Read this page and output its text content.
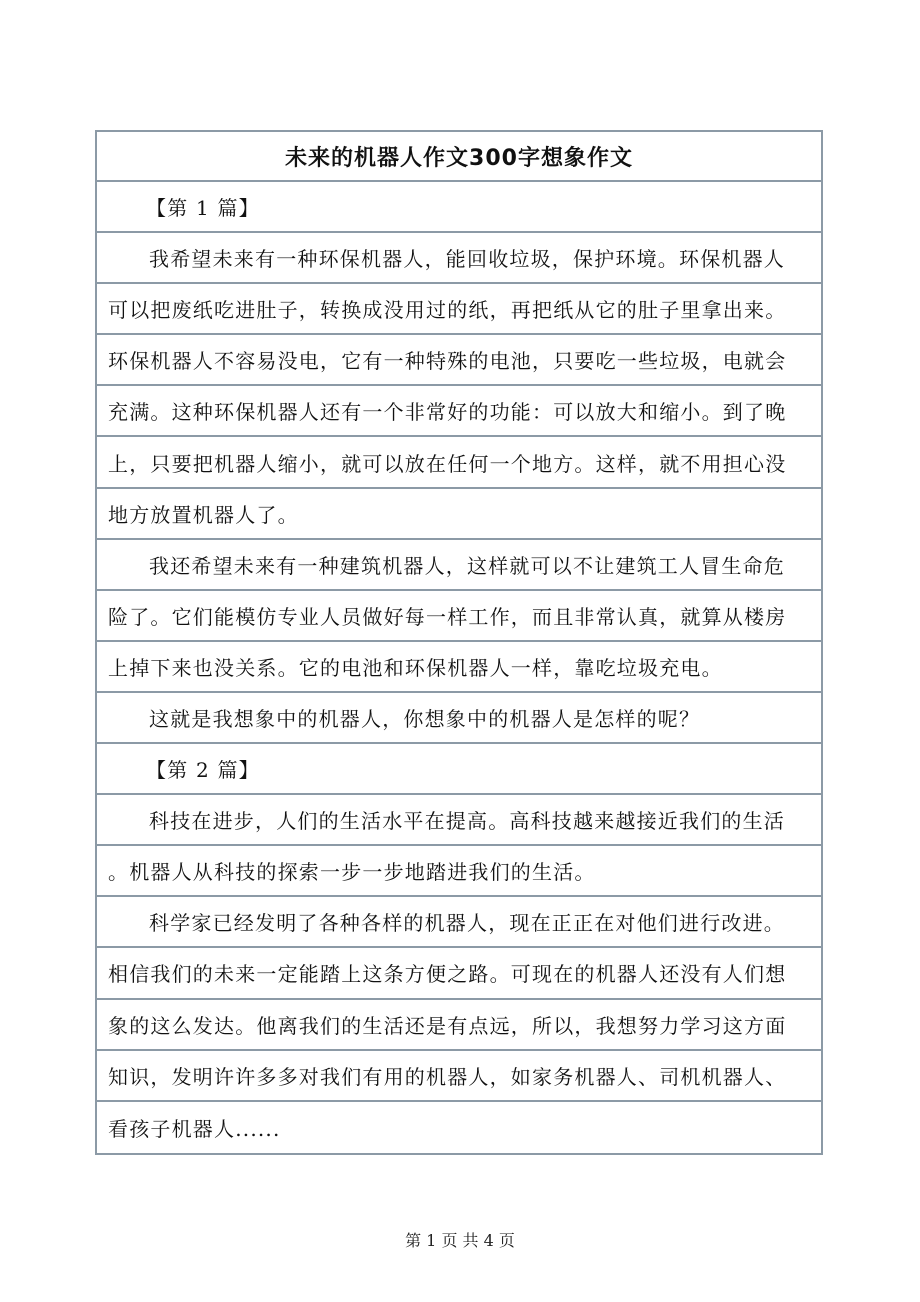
未来的机器人作文300字想象作文
【第 1 篇】
我希望未来有一种环保机器人，能回收垃圾，保护环境。环保机器人
可以把废纸吃进肚子，转换成没用过的纸，再把纸从它的肚子里拿出来。
环保机器人不容易没电，它有一种特殊的电池，只要吃一些垃圾，电就会
充满。这种环保机器人还有一个非常好的功能：可以放大和缩小。到了晚
上，只要把机器人缩小，就可以放在任何一个地方。这样，就不用担心没
地方放置机器人了。
我还希望未来有一种建筑机器人，这样就可以不让建筑工人冒生命危
险了。它们能模仿专业人员做好每一样工作，而且非常认真，就算从楼房
上掉下来也没关系。它的电池和环保机器人一样，靠吃垃圾充电。
这就是我想象中的机器人，你想象中的机器人是怎样的呢？
【第 2 篇】
科技在进步，人们的生活水平在提高。高科技越来越接近我们的生活
。机器人从科技的探索一步一步地踏进我们的生活。
科学家已经发明了各种各样的机器人，现在正正在对他们进行改进。
相信我们的未来一定能踏上这条方便之路。可现在的机器人还没有人们想
象的这么发达。他离我们的生活还是有点远，所以，我想努力学习这方面
知识，发明许许多多对我们有用的机器人，如家务机器人、司机机器人、
看孩子机器人......
第 1 页 共 4 页
